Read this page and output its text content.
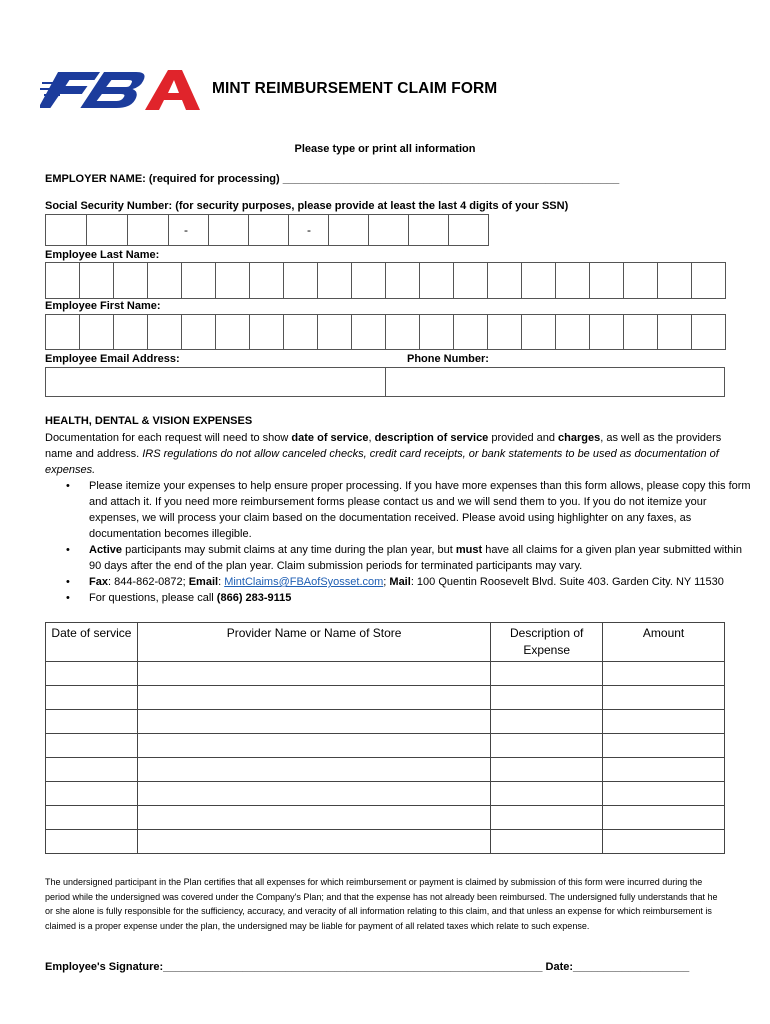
MINT REIMBURSEMENT CLAIM FORM
Please type or print all information
EMPLOYER NAME: (required for processing) _______________________________________________________
Social Security Number: (for security purposes, please provide at least the last 4 digits of your SSN)
-	-
Employee Last Name:
Employee First Name:
Employee Email Address:	Phone Number:
HEALTH, DENTAL & VISION EXPENSES
Documentation for each request will need to show date of service, description of service provided and charges, as well as the providers name and address. IRS regulations do not allow canceled checks, credit card receipts, or bank statements to be used as documentation of expenses.
• Please itemize your expenses to help ensure proper processing. If you have more expenses than this form allows, please copy this form and attach it. If you need more reimbursement forms please contact us and we will send them to you. If you do not itemize your expenses, we will process your claim based on the documentation received. Please avoid using highlighter on any faxes, as documentation becomes illegible.
• Active participants may submit claims at any time during the plan year, but must have all claims for a given plan year submitted within 90 days after the end of the plan year. Claim submission periods for terminated participants may vary.
• Fax: 844-862-0872; Email: MintClaims@FBAofSyosset.com; Mail: 100 Quentin Roosevelt Blvd. Suite 403. Garden City. NY 11530
• For questions, please call (866) 283-9115
Date of service	Provider Name or Name of Store	Description of Expense	Amount

The undersigned participant in the Plan certifies that all expenses for which reimbursement or payment is claimed by submission of this form were incurred during the period while the undersigned was covered under the Company's Plan; and that the expense has not already been reimbursed. The undersigned fully understands that he or she alone is fully responsible for the sufficiency, accuracy, and veracity of all information relating to this claim, and that unless an expense for which reimbursement is claimed is a proper expense under the plan, the undersigned may be liable for payment of all related taxes which relate to such expense.
Employee's Signature:______________________________________________________________ Date:___________________
